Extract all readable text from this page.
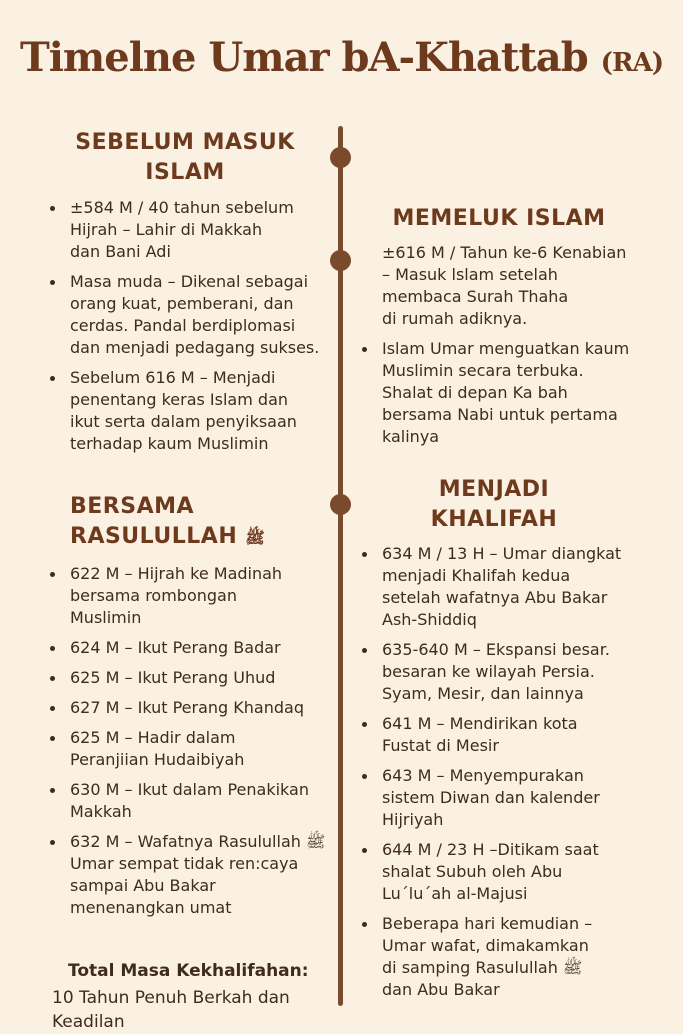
Timelne Umar bA-Khattab (RA)
SEBELUM MASUK
ISLAM
±584 M / 40 tahun sebelum
Hijrah – Lahir di Makkah
dan Bani Adi
Masa muda – Dikenal sebagai
orang kuat, pemberani, dan
cerdas. Pandal berdiplomasi
dan menjadi pedagang sukses.
Sebelum 616 M – Menjadi
penentang keras Islam dan
ikut serta dalam penyiksaan
terhadap kaum Muslimin
MEMELUK ISLAM
±616 M / Tahun ke-6 Kenabian
– Masuk lslam setelah
membaca Surah Thaha
di rumah adiknya.
Islam Umar menguatkan kaum
Muslimin secara terbuka.
Shalat di depan Ka bah
bersama Nabi untuk pertama
kalinya
BERSAMA
RASULULLAH ﷺ
622 M – Hijrah ke Madinah
bersama rombongan
Muslimin
624 M – Ikut Perang Badar
625 M – Ikut Perang Uhud
627 M – Ikut Perang Khandaq
625 M – Hadir dalam
Peranjiian Hudaibiyah
630 M – Ikut dalam Penakikan
Makkah
632 M – Wafatnya Rasulullah ﷺ
Umar sempat tidak ren:caya
sampai Abu Bakar
menenangkan umat
MENJADI
KHALIFAH
634 M / 13 H – Umar diangkat
menjadi Khalifah kedua
setelah wafatnya Abu Bakar
Ash-Shiddiq
635-640 M – Ekspansi besar.
besaran ke wilayah Persia.
Syam, Mesir, dan lainnya
641 M – Mendirikan kota
Fustat di Mesir
643 M – Menyempurakan
sistem Diwan dan kalender
Hijriyah
644 M / 23 H –Ditikam saat
shalat Subuh oleh Abu
Lu´lu´ah al-Majusi
Beberapa hari kemudian –
Umar wafat, dimakamkan
di samping Rasulullah ﷺ
dan Abu Bakar
Total Masa Kekhalifahan:
10 Tahun Penuh Berkah dan
Keadilan
